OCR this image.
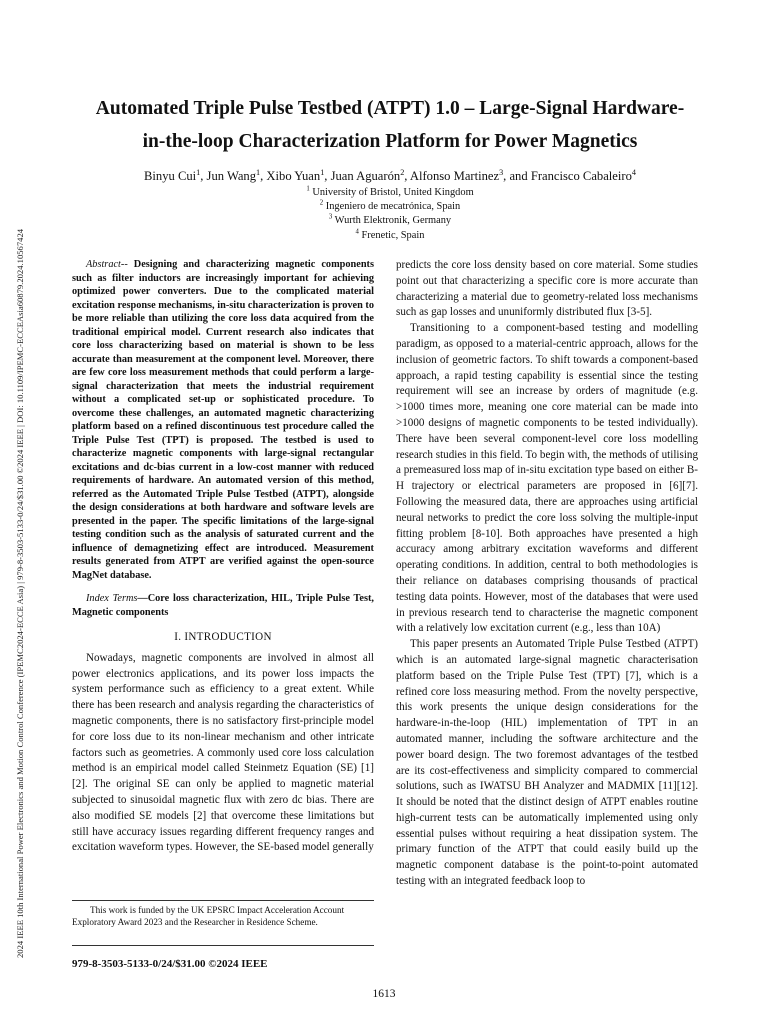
2024 IEEE 10th International Power Electronics and Motion Control Conference (IPEMC2024-ECCE Asia) | 979-8-3503-5133-0/24/$31.00 ©2024 IEEE | DOI: 10.1109/IPEMC-ECCEAsia60879.2024.10567424
Automated Triple Pulse Testbed (ATPT) 1.0 – Large-Signal Hardware-
in-the-loop Characterization Platform for Power Magnetics
Binyu Cui$^1$, Jun Wang$^1$, Xibo Yuan$^1$, Juan Aguarón$^2$, Alfonso Martinez$^3$, and Francisco Cabaleiro$^4$
$^1$ University of Bristol, United Kingdom
$^2$ Ingeniero de mecatrónica, Spain
$^3$ Wurth Elektronik, Germany
$^4$ Frenetic, Spain

Abstract-- Designing and characterizing magnetic components such as filter inductors are increasingly important for achieving optimized power converters. Due to the complicated material excitation response mechanisms, in-situ characterization is proven to be more reliable than utilizing the core loss data acquired from the traditional empirical model. Current research also indicates that core loss characterizing based on material is shown to be less accurate than measurement at the component level. Moreover, there are few core loss measurement methods that could perform a large-signal characterization that meets the industrial requirement without a complicated set-up or sophisticated procedure. To overcome these challenges, an automated magnetic characterizing platform based on a refined discontinuous test procedure called the Triple Pulse Test (TPT) is proposed. The testbed is used to characterize magnetic components with large-signal rectangular excitations and dc-bias current in a low-cost manner with reduced requirements of hardware. An automated version of this method, referred as the Automated Triple Pulse Testbed (ATPT), alongside the design considerations at both hardware and software levels are presented in the paper. The specific limitations of the large-signal testing condition such as the analysis of saturated current and the influence of demagnetizing effect are introduced. Measurement results generated from ATPT are verified against the open-source MagNet database.

Index Terms—Core loss characterization, HIL, Triple Pulse Test, Magnetic components

I. INTRODUCTION

Nowadays, magnetic components are involved in almost all power electronics applications, and its power loss impacts the system performance such as efficiency to a great extent. While there has been research and analysis regarding the characteristics of magnetic components, there is no satisfactory first-principle model for core loss due to its non-linear mechanism and other intricate factors such as geometries. A commonly used core loss calculation method is an empirical model called Steinmetz Equation (SE) [1][2]. The original SE can only be applied to magnetic material subjected to sinusoidal magnetic flux with zero dc bias. There are also modified SE models [2] that overcome these limitations but still have accuracy issues regarding different frequency ranges and excitation waveform types. However, the SE-based model generally

This work is funded by the UK EPSRC Impact Acceleration Account Exploratory Award 2023 and the Researcher in Residence Scheme.
979-8-3503-5133-0/24/$31.00 ©2024 IEEE

predicts the core loss density based on core material. Some studies point out that characterizing a specific core is more accurate than characterizing a material due to geometry-related loss mechanisms such as gap losses and ununiformly distributed flux [3-5].

Transitioning to a component-based testing and modelling paradigm, as opposed to a material-centric approach, allows for the inclusion of geometric factors. To shift towards a component-based approach, a rapid testing capability is essential since the testing requirement will see an increase by orders of magnitude (e.g. >1000 times more, meaning one core material can be made into >1000 designs of magnetic components to be tested individually). There have been several component-level core loss modelling research studies in this field. To begin with, the methods of utilising a premeasured loss map of in-situ excitation type based on either B-H trajectory or electrical parameters are proposed in [6][7]. Following the measured data, there are approaches using artificial neural networks to predict the core loss solving the multiple-input fitting problem [8-10]. Both approaches have presented a high accuracy among arbitrary excitation waveforms and different operating conditions. In addition, central to both methodologies is their reliance on databases comprising thousands of practical testing data points. However, most of the databases that were used in previous research tend to characterise the magnetic component with a relatively low excitation current (e.g., less than 10A)

This paper presents an Automated Triple Pulse Testbed (ATPT) which is an automated large-signal magnetic characterisation platform based on the Triple Pulse Test (TPT) [7], which is a refined core loss measuring method. From the novelty perspective, this work presents the unique design considerations for the hardware-in-the-loop (HIL) implementation of TPT in an automated manner, including the software architecture and the power board design. The two foremost advantages of the testbed are its cost-effectiveness and simplicity compared to commercial solutions, such as IWATSU BH Analyzer and MADMIX [11][12]. It should be noted that the distinct design of ATPT enables routine high-current tests can be automatically implemented using only essential pulses without requiring a heat dissipation system. The primary function of the ATPT that could easily build up the magnetic component database is the point-to-point automated testing with an integrated feedback loop to

1613
